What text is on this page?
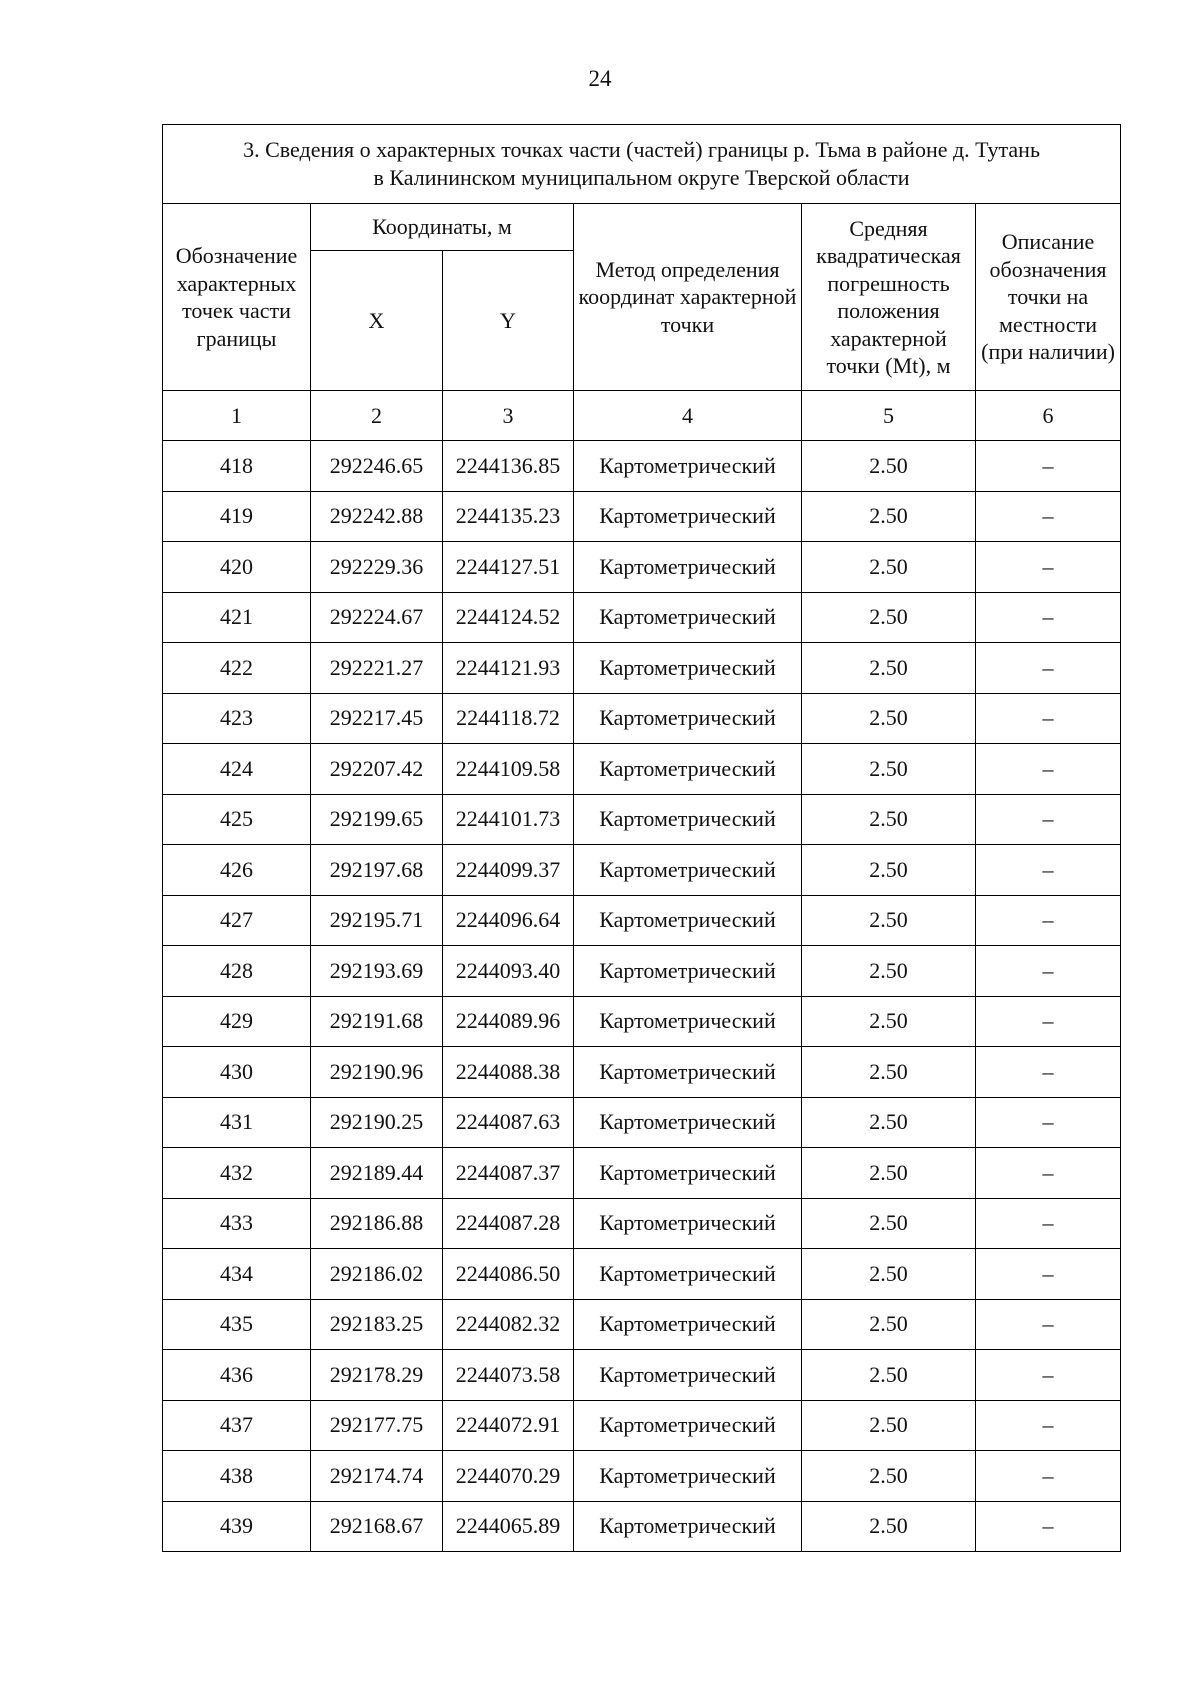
24
3. Сведения о характерных точках части (частей) границы р. Тьма в районе д. Тутань
в Калининском муниципальном округе Тверской области					

Обозначение характерных точек части границы	Координаты, м		Метод определения координат характерной точки	Средняя квадратическая погрешность положения характерной точки (Mt), м	Описание обозначения точки на местности (при наличии)
	X	Y			
1	2	3	4	5	6
418	292246.65	2244136.85	Картометрический	2.50	–
419	292242.88	2244135.23	Картометрический	2.50	–
420	292229.36	2244127.51	Картометрический	2.50	–
421	292224.67	2244124.52	Картометрический	2.50	–
422	292221.27	2244121.93	Картометрический	2.50	–
423	292217.45	2244118.72	Картометрический	2.50	–
424	292207.42	2244109.58	Картометрический	2.50	–
425	292199.65	2244101.73	Картометрический	2.50	–
426	292197.68	2244099.37	Картометрический	2.50	–
427	292195.71	2244096.64	Картометрический	2.50	–
428	292193.69	2244093.40	Картометрический	2.50	–
429	292191.68	2244089.96	Картометрический	2.50	–
430	292190.96	2244088.38	Картометрический	2.50	–
431	292190.25	2244087.63	Картометрический	2.50	–
432	292189.44	2244087.37	Картометрический	2.50	–
433	292186.88	2244087.28	Картометрический	2.50	–
434	292186.02	2244086.50	Картометрический	2.50	–
435	292183.25	2244082.32	Картометрический	2.50	–
436	292178.29	2244073.58	Картометрический	2.50	–
437	292177.75	2244072.91	Картометрический	2.50	–
438	292174.74	2244070.29	Картометрический	2.50	–
439	292168.67	2244065.89	Картометрический	2.50	–
